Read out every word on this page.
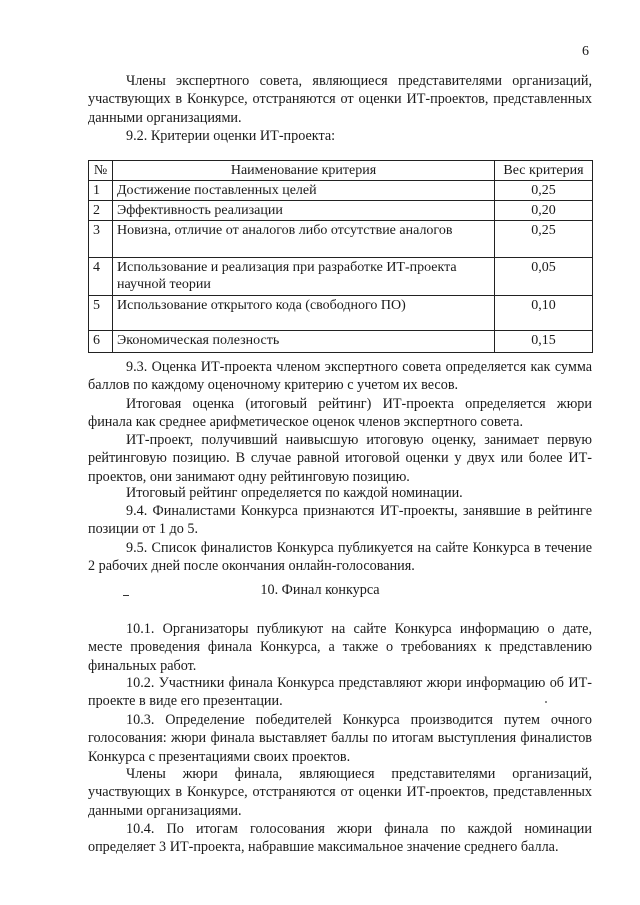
6

Члены экспертного совета, являющиеся представителями организаций, участвующих в Конкурсе, отстраняются от оценки ИТ-проектов, представленных данными организациями.

9.2. Критерии оценки ИТ-проекта:

№	Наименование критерия	Вес критерия
1	Достижение поставленных целей	0,25
2	Эффективность реализации	0,20
3	Новизна, отличие от аналогов либо отсутствие аналогов	0,25
4	Использование и реализация при разработке ИТ-проекта научной теории	0,05
5	Использование открытого кода (свободного ПО)	0,10
6	Экономическая полезность	0,15

9.3. Оценка ИТ-проекта членом экспертного совета определяется как сумма баллов по каждому оценочному критерию с учетом их весов.

Итоговая оценка (итоговый рейтинг) ИТ-проекта определяется жюри финала как среднее арифметическое оценок членов экспертного совета.

ИТ-проект, получивший наивысшую итоговую оценку, занимает первую рейтинговую позицию. В случае равной итоговой оценки у двух или более ИТ-проектов, они занимают одну рейтинговую позицию.

Итоговый рейтинг определяется по каждой номинации.

9.4. Финалистами Конкурса признаются ИТ-проекты, занявшие в рейтинге позиции от 1 до 5.

9.5. Список финалистов Конкурса публикуется на сайте Конкурса в течение 2 рабочих дней после окончания онлайн-голосования.

10. Финал конкурса

10.1. Организаторы публикуют на сайте Конкурса информацию о дате, месте проведения финала Конкурса, а также о требованиях к представлению финальных работ.

10.2. Участники финала Конкурса представляют жюри информацию об ИТ-проекте в виде его презентации.

10.3. Определение победителей Конкурса производится путем очного голосования: жюри финала выставляет баллы по итогам выступления финалистов Конкурса с презентациями своих проектов.

Члены жюри финала, являющиеся представителями организаций, участвующих в Конкурсе, отстраняются от оценки ИТ-проектов, представленных данными организациями.

10.4. По итогам голосования жюри финала по каждой номинации определяет 3 ИТ-проекта, набравшие максимальное значение среднего балла.
